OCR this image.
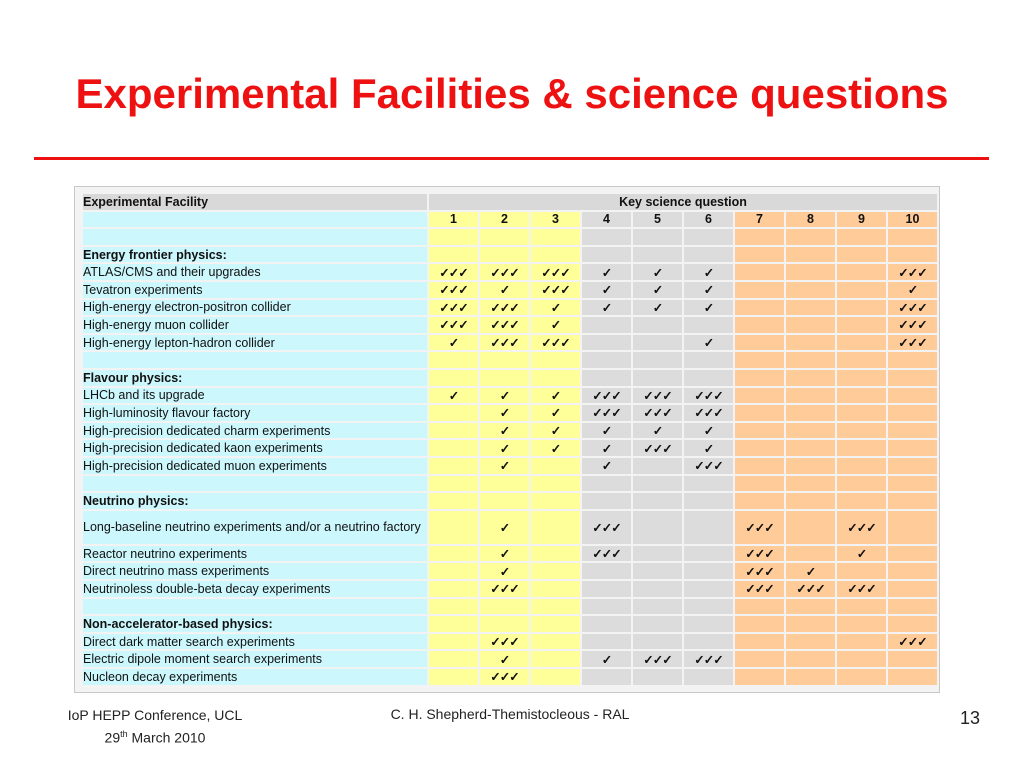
Experimental Facilities & science questions
Experimental Facility	Key science question									
	1	2	3	4	5	6	7	8	9	10

Energy frontier physics:										
ATLAS/CMS and their upgrades	✓✓✓	✓✓✓	✓✓✓	✓	✓	✓				✓✓✓
Tevatron experiments	✓✓✓	✓	✓✓✓	✓	✓	✓				✓
High-energy electron-positron collider	✓✓✓	✓✓✓	✓	✓	✓	✓				✓✓✓
High-energy muon collider	✓✓✓	✓✓✓	✓							✓✓✓
High-energy lepton-hadron collider	✓	✓✓✓	✓✓✓			✓				✓✓✓

Flavour physics:										
LHCb and its upgrade	✓	✓	✓	✓✓✓	✓✓✓	✓✓✓				
High-luminosity flavour factory		✓	✓	✓✓✓	✓✓✓	✓✓✓				
High-precision dedicated charm experiments		✓	✓	✓	✓	✓				
High-precision dedicated kaon experiments		✓	✓	✓	✓✓✓	✓				
High-precision dedicated muon experiments		✓		✓		✓✓✓				

Neutrino physics:										
Long-baseline neutrino experiments and/or a neutrino factory		✓		✓✓✓			✓✓✓		✓✓✓	
Reactor neutrino experiments		✓		✓✓✓			✓✓✓		✓	
Direct neutrino mass experiments		✓					✓✓✓	✓		
Neutrinoless double-beta decay experiments		✓✓✓					✓✓✓	✓✓✓	✓✓✓	

Non-accelerator-based physics:										
Direct dark matter search experiments		✓✓✓								✓✓✓
Electric dipole moment search experiments		✓		✓	✓✓✓	✓✓✓				
Nucleon decay experiments		✓✓✓								
IoP HEPP Conference, UCL
29th March 2010
C. H. Shepherd-Themistocleous - RAL	13
